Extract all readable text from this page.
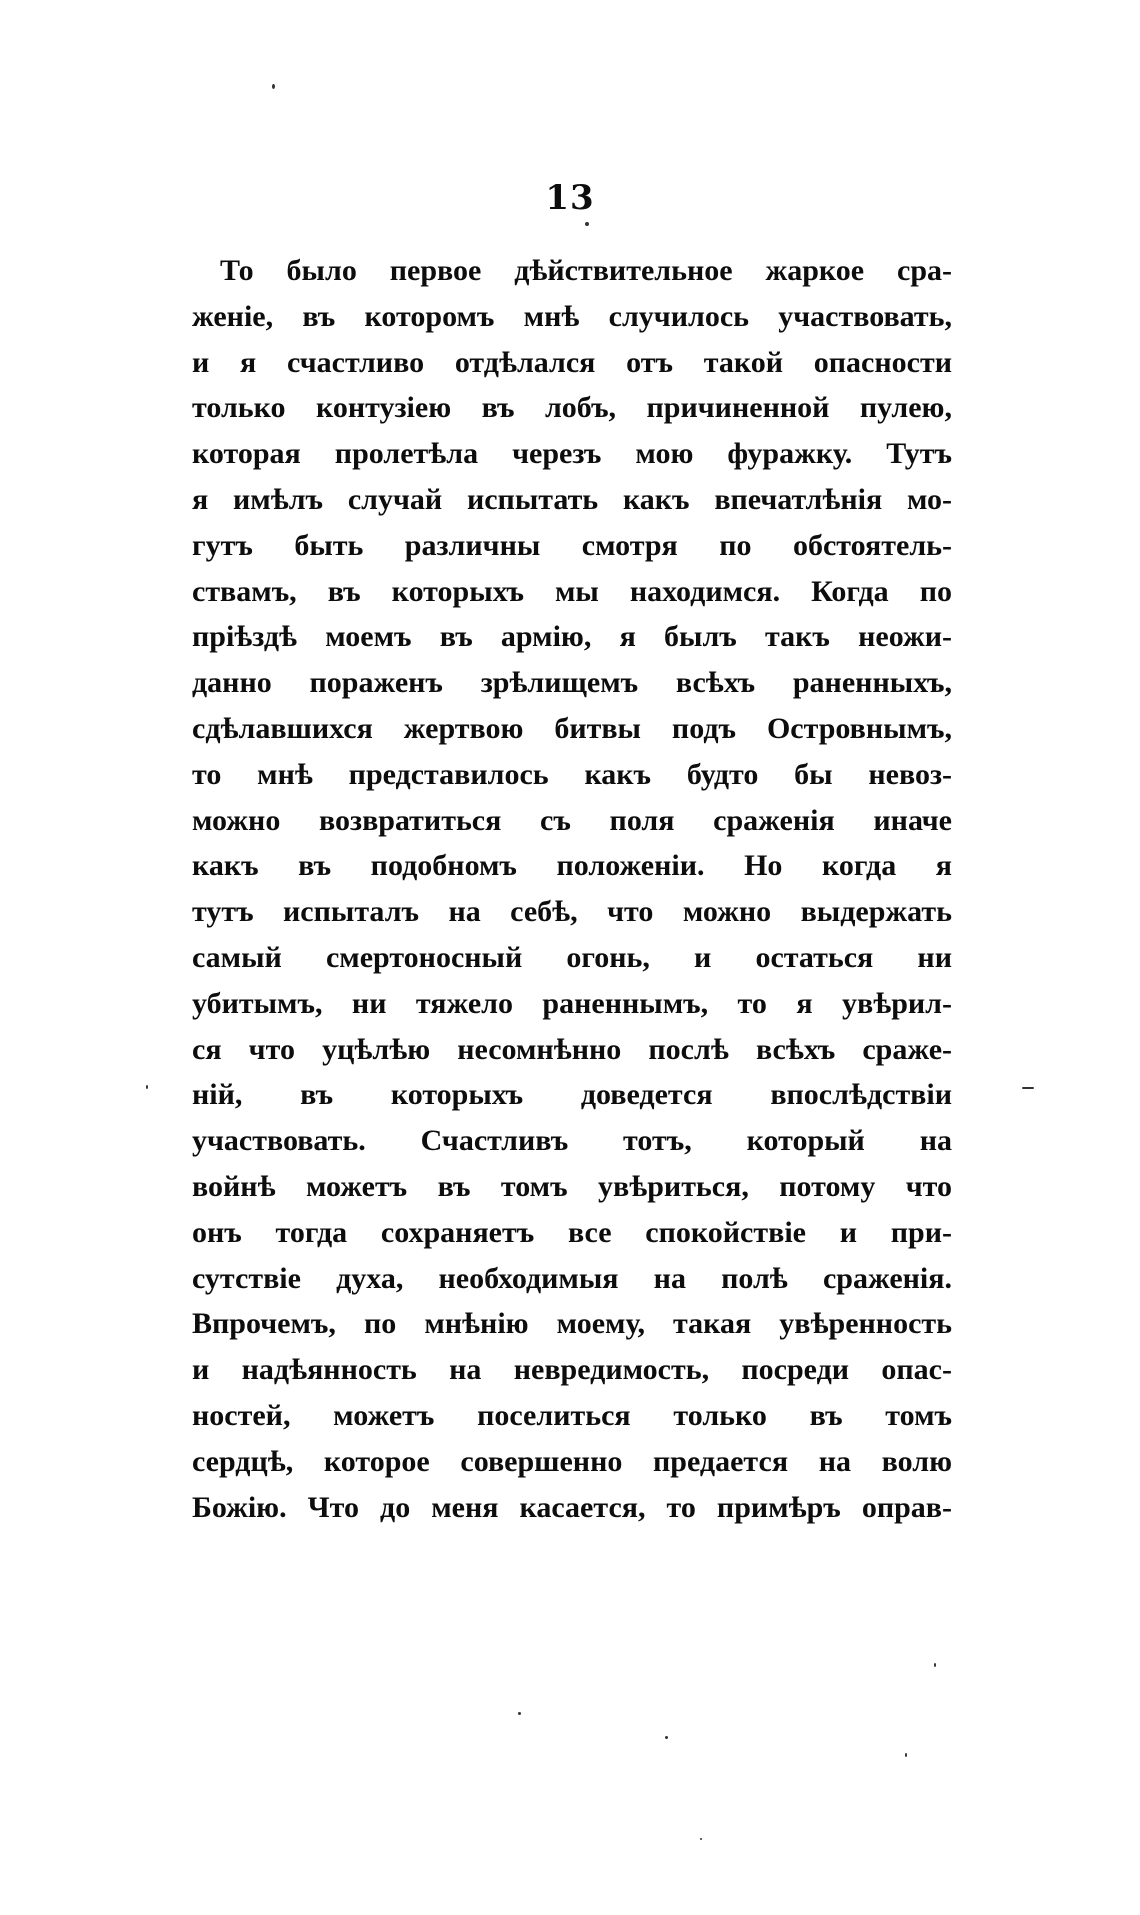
13
То было первое дѣйствительное жаркое сра-
женіе, въ которомъ мнѣ случилось участвовать,
и я счастливо отдѣлался отъ такой опасности
только контузіею въ лобъ, причиненной пулею,
которая пролетѣла черезъ мою фуражку. Тутъ
я имѣлъ случай испытать какъ впечатлѣнія мо-
гутъ быть различны смотря по обстоятель-
ствамъ, въ которыхъ мы находимся. Когда по
пріѣздѣ моемъ въ армію, я былъ такъ неожи-
данно пораженъ зрѣлищемъ всѣхъ раненныхъ,
сдѣлавшихся жертвою битвы подъ Островнымъ,
то мнѣ представилось какъ будто бы невоз-
можно возвратиться съ поля сраженія иначе
какъ въ подобномъ положеніи. Но когда я
тутъ испыталъ на себѣ, что можно выдержать
самый смертоносный огонь, и остаться ни
убитымъ, ни тяжело раненнымъ, то я увѣрил-
ся что уцѣлѣю несомнѣнно послѣ всѣхъ сраже-
ній, въ которыхъ доведется впослѣдствіи
участвовать. Счастливъ тотъ, который на
войнѣ можетъ въ томъ увѣриться, потому что
онъ тогда сохраняетъ все спокойствіе и при-
сутствіе духа, необходимыя на полѣ сраженія.
Впрочемъ, по мнѣнію моему, такая увѣренность
и надѣянность на невредимость, посреди опас-
ностей, можетъ поселиться только въ томъ
сердцѣ, которое совершенно предается на волю
Божію. Что до меня касается, то примѣръ оправ-
